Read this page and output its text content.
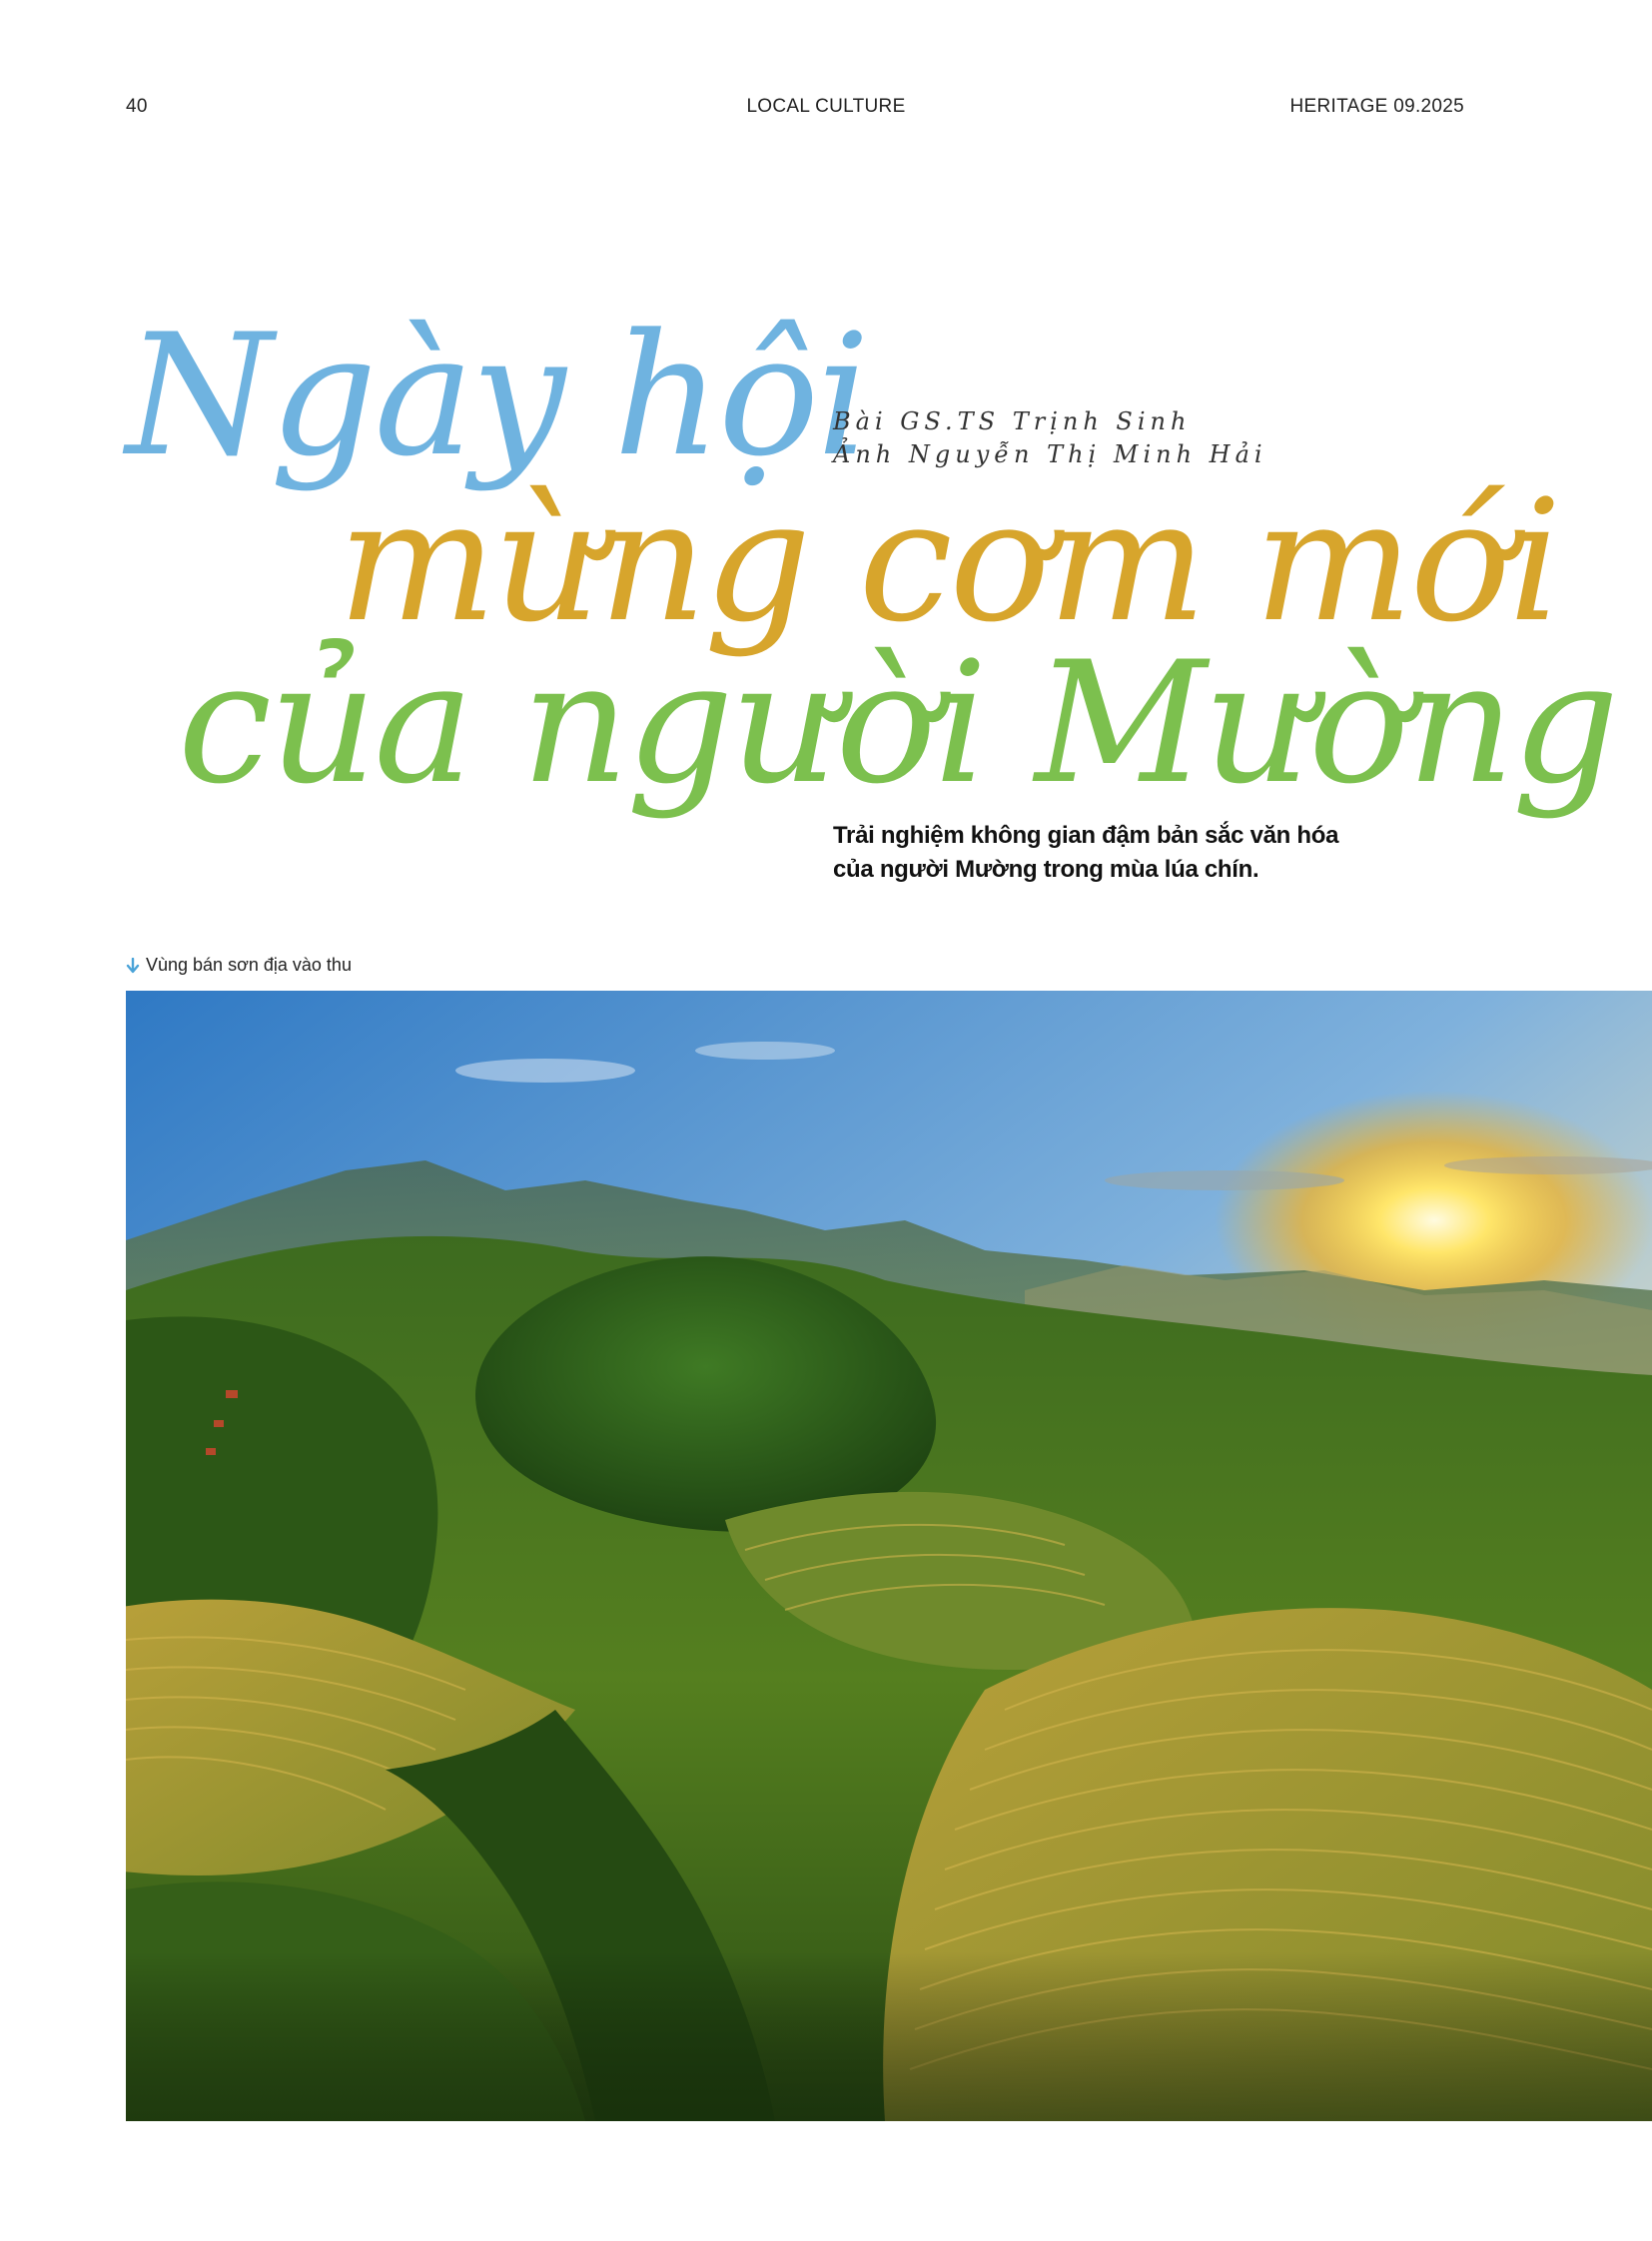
40	LOCAL CULTURE	HERITAGE 09.2025
Ngày hội
mừng cơm mới
của người Mường
Bài GS.TS Trịnh Sinh
Ảnh Nguyễn Thị Minh Hải
Trải nghiệm không gian đậm bản sắc văn hóa
của người Mường trong mùa lúa chín.
Vùng bán sơn địa vào thu
